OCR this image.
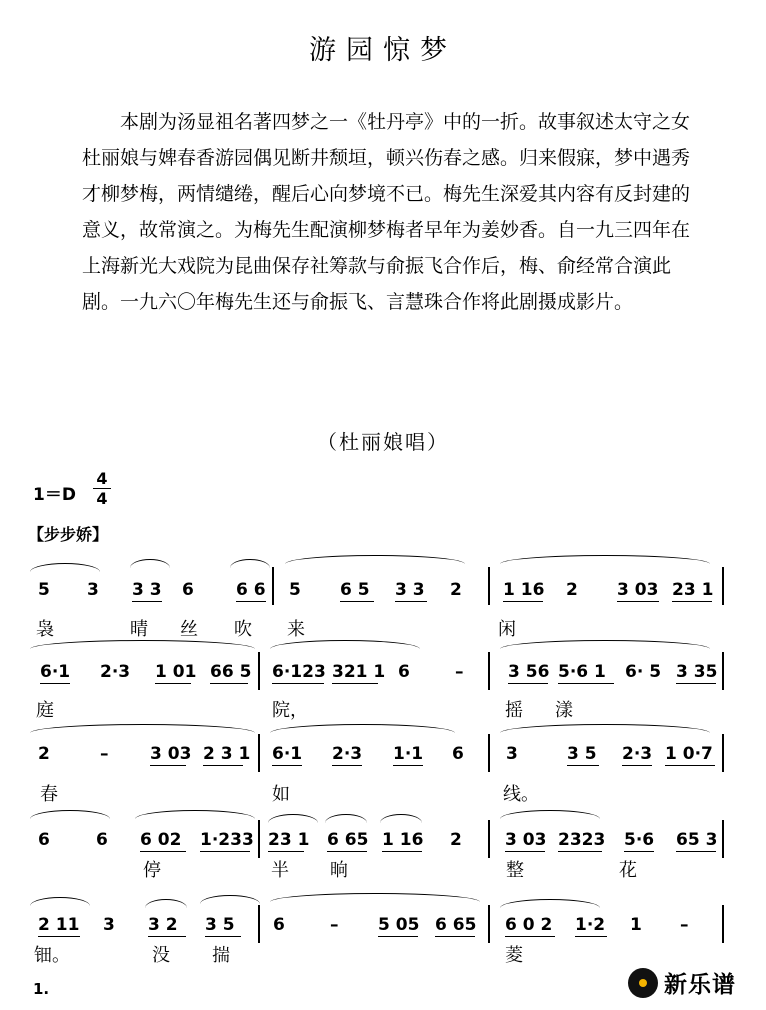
游园惊梦

本剧为汤显祖名著四梦之一《牡丹亭》中的一折。故事叙述太守之女杜丽娘与婢春香游园偶见断井颓垣，顿兴伤春之感。归来假寐，梦中遇秀才柳梦梅，两情缱绻，醒后心向梦境不已。梅先生深爱其内容有反封建的意义，故常演之。为梅先生配演柳梦梅者早年为姜妙香。自一九三四年在上海新光大戏院为昆曲保存社筹款与俞振飞合作后，梅、俞经常合演此剧。一九六〇年梅先生还与俞振飞、言慧珠合作将此剧摄成影片。

（杜丽娘唱）
1＝D
4
4
【步步娇】
5 3 3 3 6 6 6 5 6 5 3 3 2 1 16 2 3 03 23 1
袅	晴 丝 吹 来	闲
6·1 2·3 1 01 66 5 6·123 321 1 6	–	3 56 5·6 1 6· 5 3 35
庭	院，	摇 漾
2	– 3 03 2 3 1 6·1 2·3 1·1 6 3	3 5 2·3 1 0·7
春	如	线。
6	6 6 02 1·233 23 1 6 65 1 16 2	3 03 2323 5·6 65 3
停	半 晌	整	花
2 11 3 3 2 3 5 6	– 5 05 6 65 6 0 2 1·2 1 –
钿。	没 揣	菱
1.	新乐谱
